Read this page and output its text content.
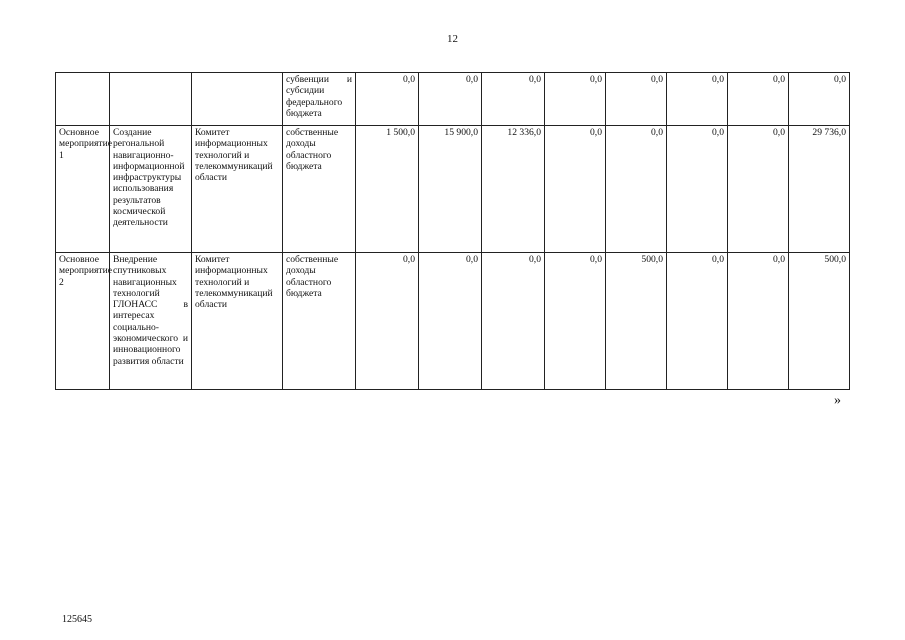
12
			субвенции и субсидии федерального бюджета	0,0	0,0	0,0	0,0	0,0	0,0	0,0	0,0
Основное мероприятие 1	Создание регональной навигационно-информационной инфраструктуры использования результатов космической деятельности	Комитет информационных технологий и телекоммуникаций области	собственные доходы областного бюджета	1 500,0	15 900,0	12 336,0	0,0	0,0	0,0	0,0	29 736,0
Основное мероприятие 2	Внедрение спутниковых навигационных технологий ГЛОНАСС в интересах социально-экономического и инновационного развития области	Комитет информационных технологий и телекоммуникаций области	собственные доходы областного бюджета	0,0	0,0	0,0	0,0	500,0	0,0	0,0	500,0
»
125645
